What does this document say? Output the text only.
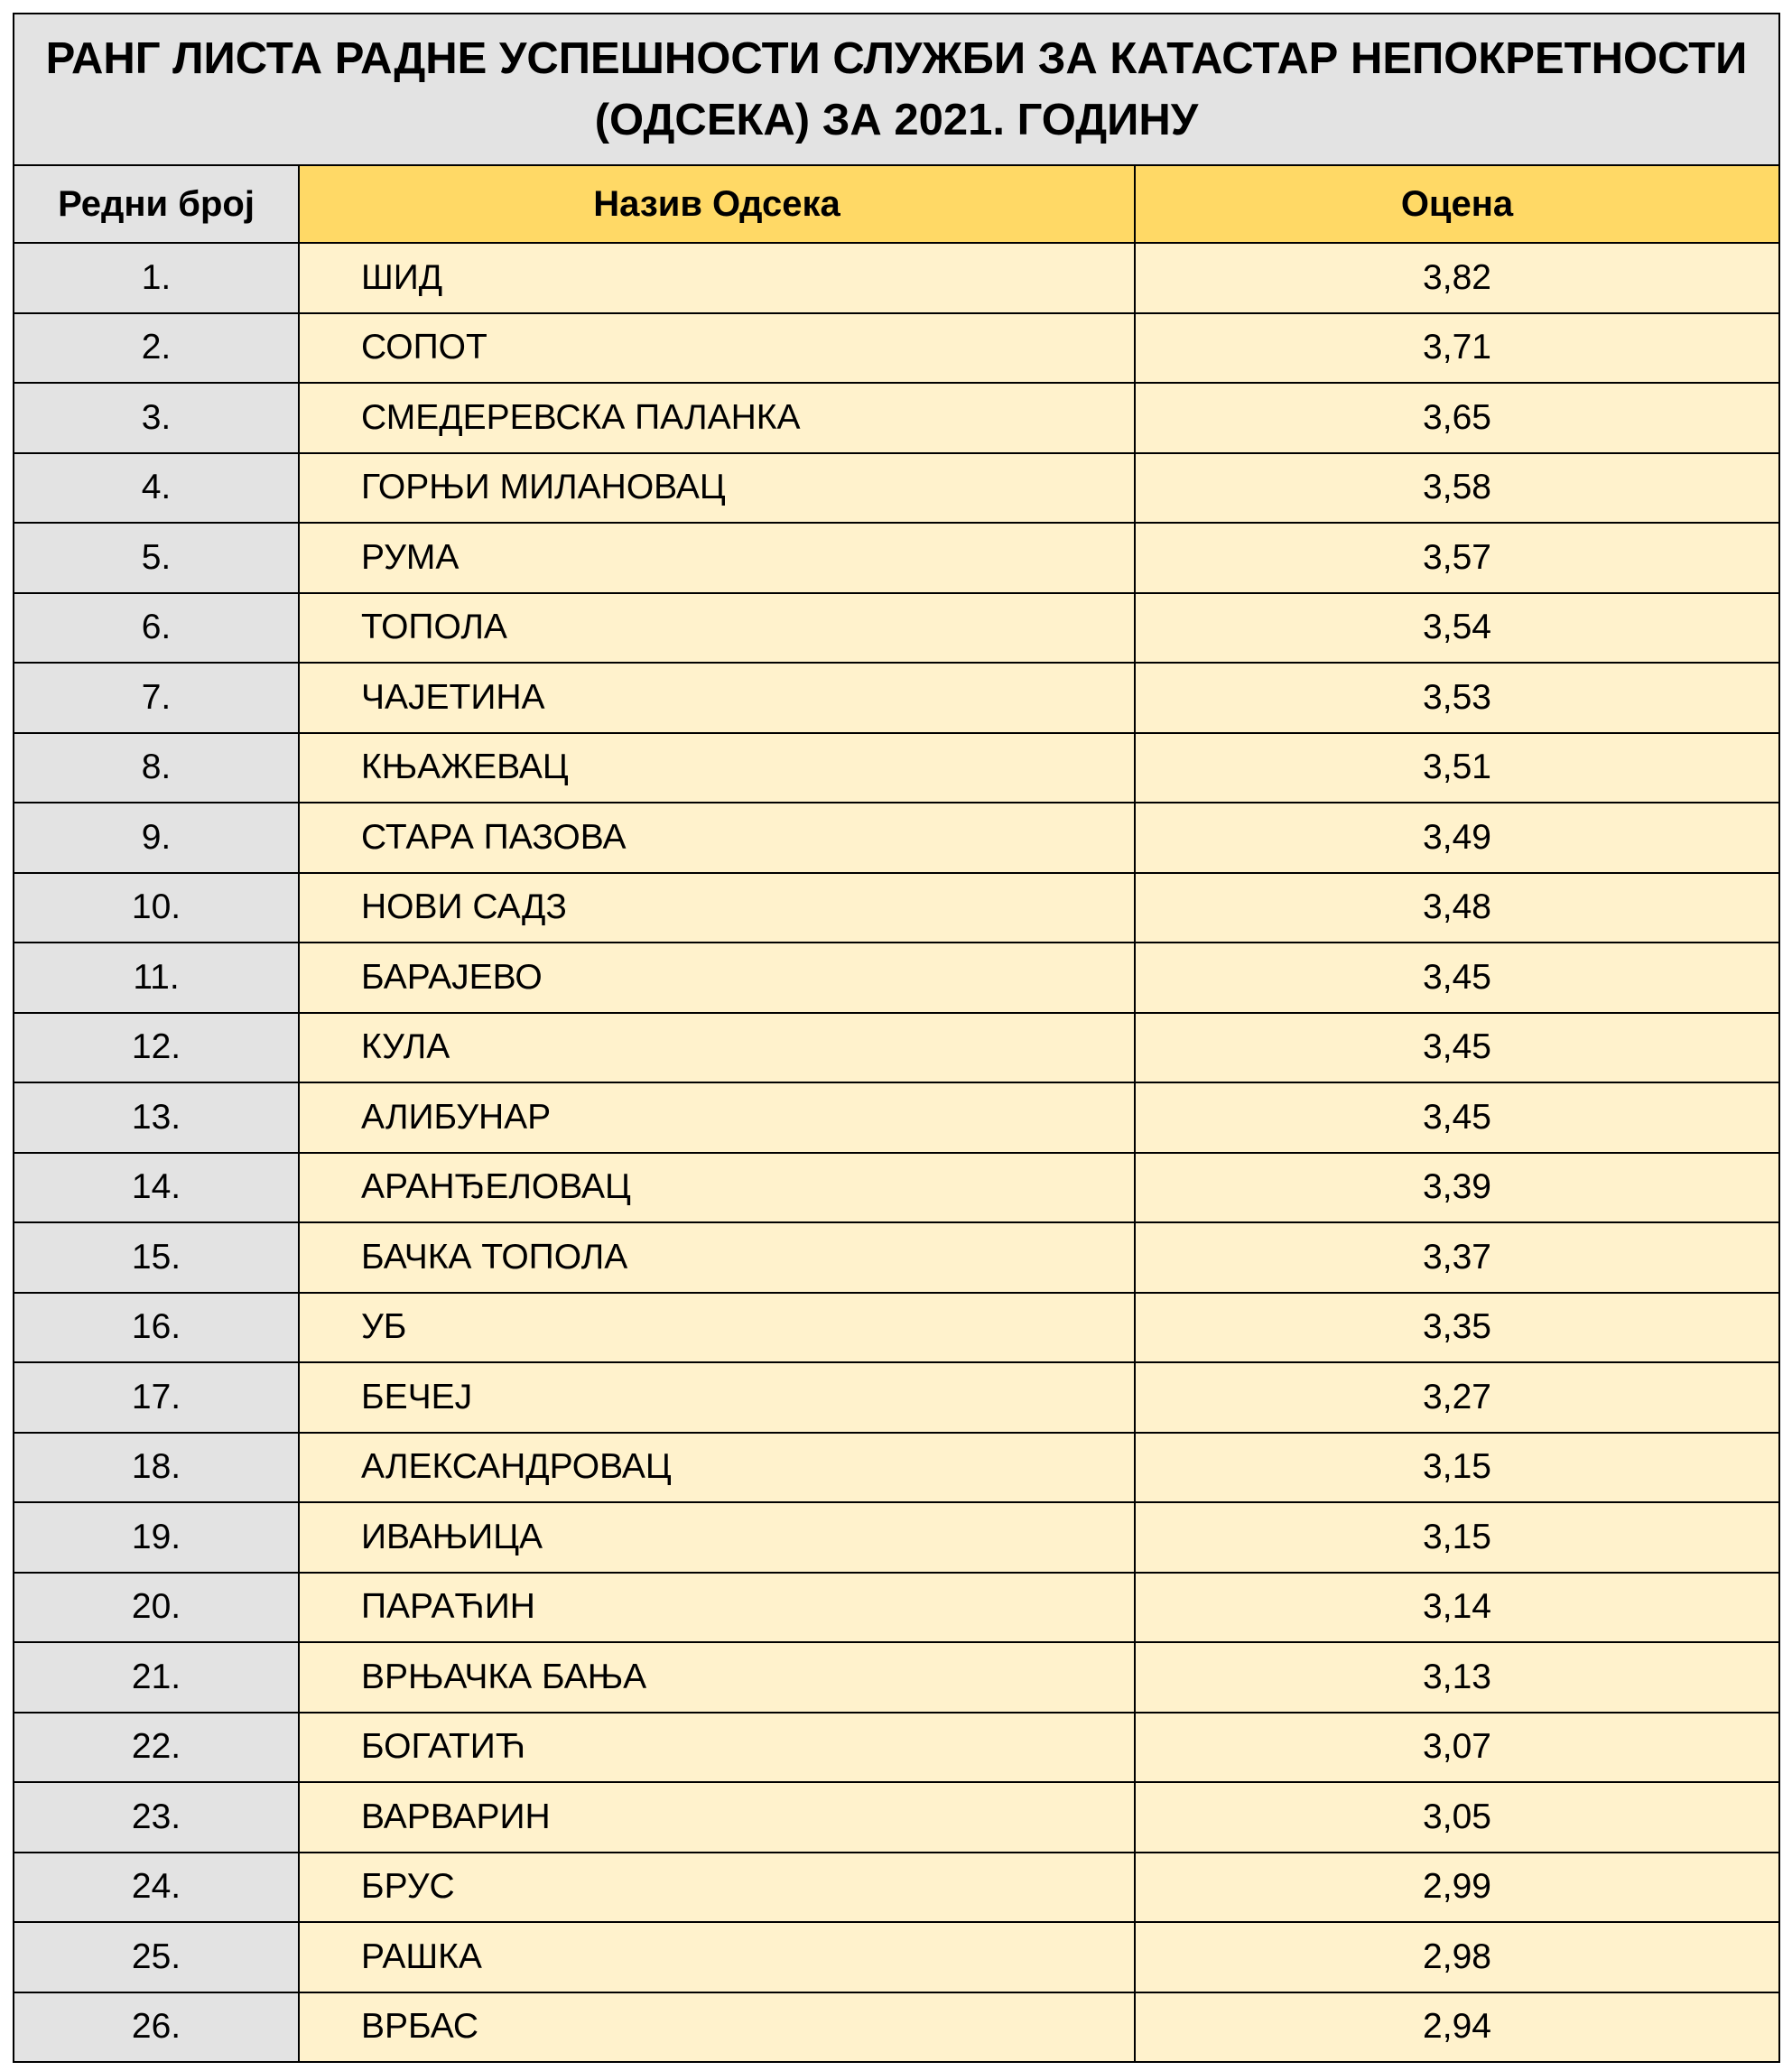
РАНГ ЛИСТА РАДНЕ УСПЕШНОСТИ СЛУЖБИ ЗА КАТАСТАР НЕПОКРЕТНОСТИ
(ОДСЕКА) ЗА 2021. ГОДИНУ		

Редни број	Назив Одсека	Оцена
1.	ШИД	3,82
2.	СОПОТ	3,71
3.	СМЕДЕРЕВСКА ПАЛАНКА	3,65
4.	ГОРЊИ МИЛАНОВАЦ	3,58
5.	РУМА	3,57
6.	ТОПОЛА	3,54
7.	ЧАЈЕТИНА	3,53
8.	КЊАЖЕВАЦ	3,51
9.	СТАРА ПАЗОВА	3,49
10.	НОВИ САДЗ	3,48
11.	БАРАЈЕВО	3,45
12.	КУЛА	3,45
13.	АЛИБУНАР	3,45
14.	АРАНЂЕЛОВАЦ	3,39
15.	БАЧКА ТОПОЛА	3,37
16.	УБ	3,35
17.	БЕЧЕЈ	3,27
18.	АЛЕКСАНДРОВАЦ	3,15
19.	ИВАЊИЦА	3,15
20.	ПАРАЋИН	3,14
21.	ВРЊАЧКА БАЊА	3,13
22.	БОГАТИЋ	3,07
23.	ВАРВАРИН	3,05
24.	БРУС	2,99
25.	РАШКА	2,98
26.	ВРБАС	2,94
